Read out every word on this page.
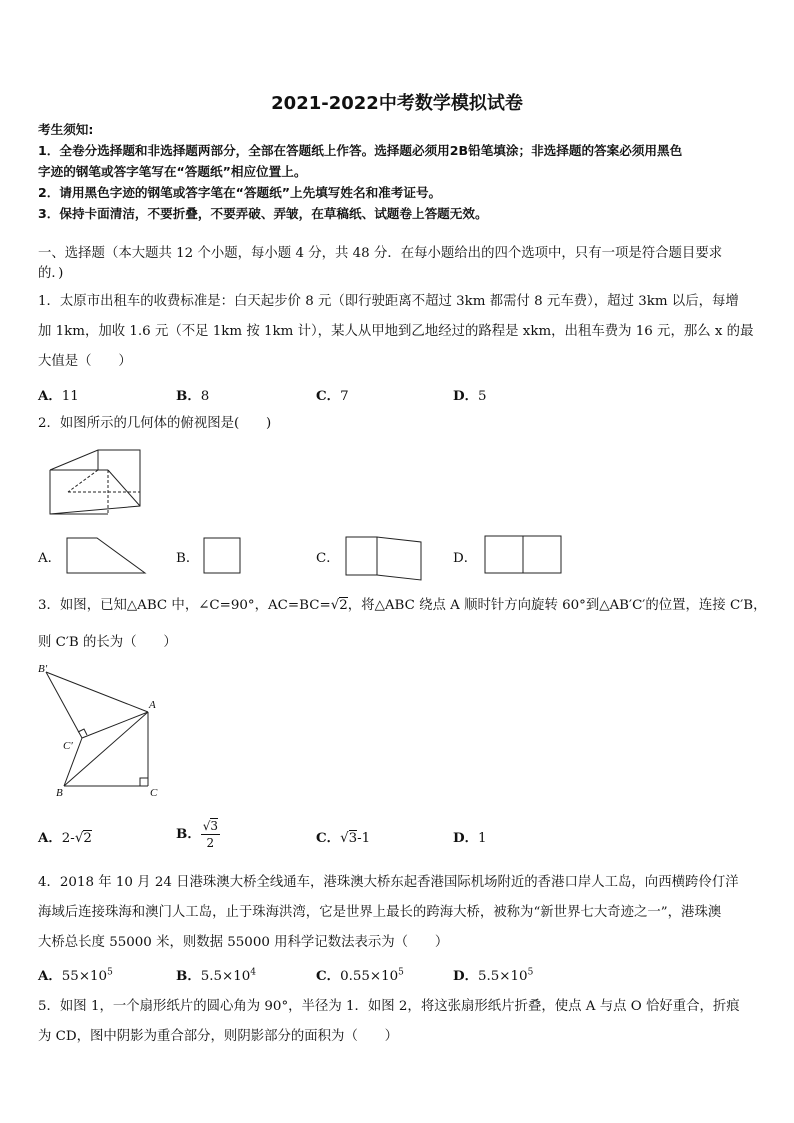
2021-2022中考数学模拟试卷
考生须知:
1．全卷分选择题和非选择题两部分，全部在答题纸上作答。选择题必须用2B铅笔填涂；非选择题的答案必须用黑色
字迹的钢笔或答字笔写在“答题纸”相应位置上。
2．请用黑色字迹的钢笔或答字笔在“答题纸”上先填写姓名和准考证号。
3．保持卡面清洁，不要折叠，不要弄破、弄皱，在草稿纸、试题卷上答题无效。
一、选择题（本大题共 12 个小题，每小题 4 分，共 48 分．在每小题给出的四个选项中，只有一项是符合题目要求
的．)
1．太原市出租车的收费标准是：白天起步价 8 元（即行驶距离不超过 3km 都需付 8 元车费），超过 3km 以后，每增
加 1km，加收 1.6 元（不足 1km 按 1km 计），某人从甲地到乙地经过的路程是 xkm，出租车费为 16 元，那么 x 的最
大值是（　　）
A．11	B．8	C．7	D．5
2．如图所示的几何体的俯视图是(　　)
A．	B．	C．	D．
3．如图，已知△ABC 中，∠C=90°，AC=BC=√2，将△ABC 绕点 A 顺时针方向旋转 60°到△AB′C′的位置，连接 C′B，
则 C′B 的长为（　　）
B′
A
C′
B	C
A．2-√2	B． $\frac{√3}{2}$	C．√3-1	D．1
4．2018 年 10 月 24 日港珠澳大桥全线通车，港珠澳大桥东起香港国际机场附近的香港口岸人工岛，向西横跨伶仃洋
海域后连接珠海和澳门人工岛，止于珠海洪湾，它是世界上最长的跨海大桥，被称为“新世界七大奇迹之一”，港珠澳
大桥总长度 55000 米，则数据 55000 用科学记数法表示为（　　）
A．$55\times 10^5$	B．$5.5\times 10^4$	C．$0.55\times 10^5$	D．$5.5\times 10^5$
5．如图 1，一个扇形纸片的圆心角为 90°，半径为 1．如图 2，将这张扇形纸片折叠，使点 A 与点 O 恰好重合，折痕
为 CD，图中阴影为重合部分，则阴影部分的面积为（　　）
